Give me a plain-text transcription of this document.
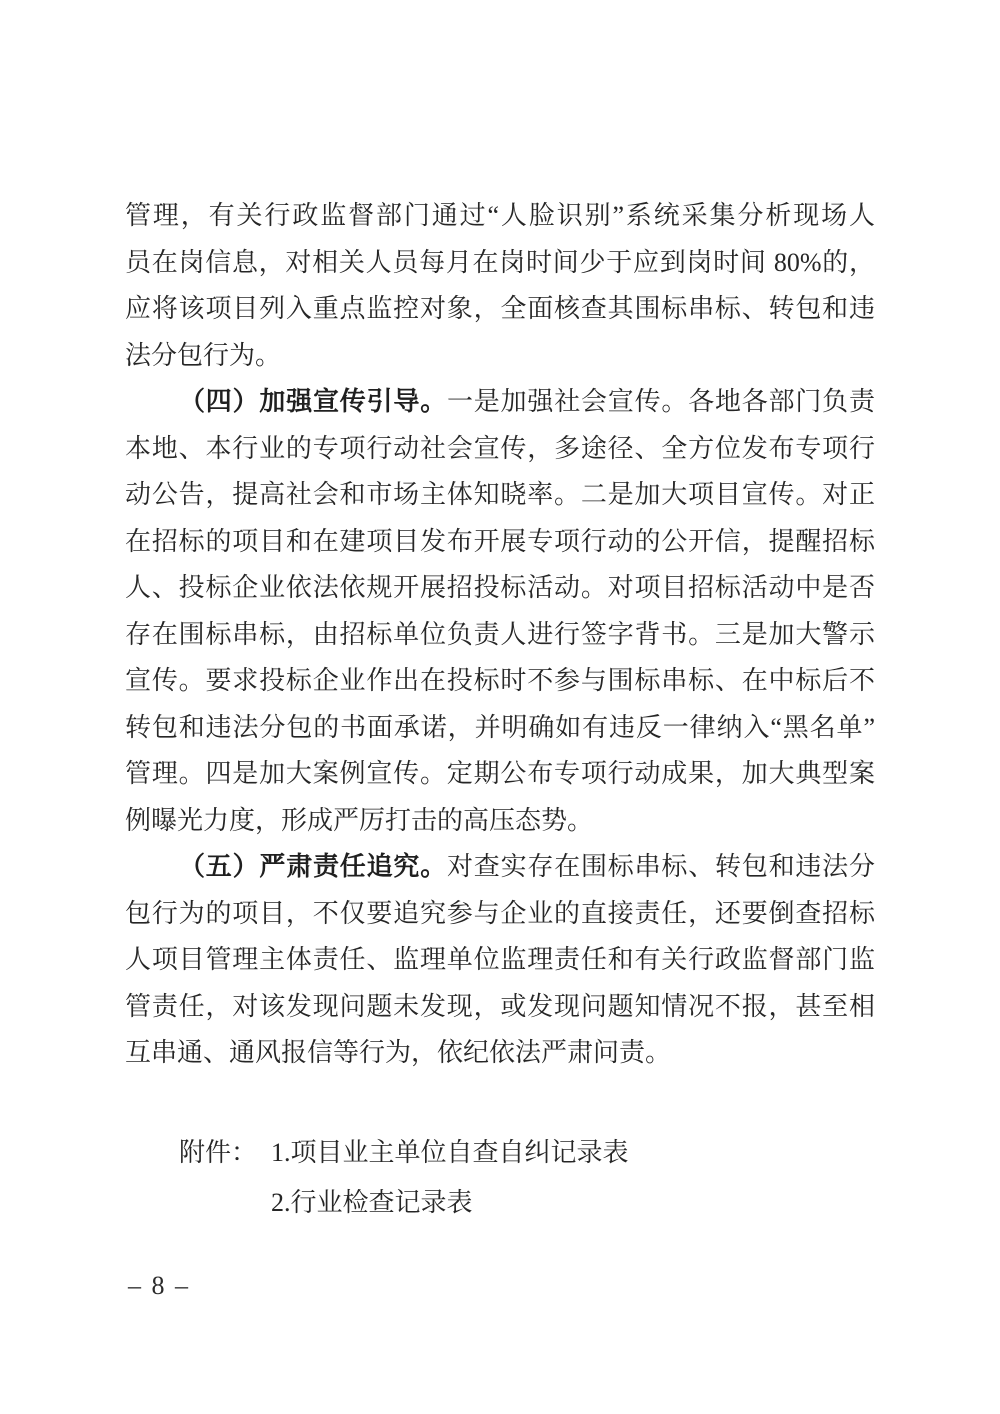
管理，有关行政监督部门通过“人脸识别”系统采集分析现场人
员在岗信息，对相关人员每月在岗时间少于应到岗时间 80%的，
应将该项目列入重点监控对象，全面核查其围标串标、转包和违
法分包行为。
（四）加强宣传引导。一是加强社会宣传。各地各部门负责
本地、本行业的专项行动社会宣传，多途径、全方位发布专项行
动公告，提高社会和市场主体知晓率。二是加大项目宣传。对正
在招标的项目和在建项目发布开展专项行动的公开信，提醒招标
人、投标企业依法依规开展招投标活动。对项目招标活动中是否
存在围标串标，由招标单位负责人进行签字背书。三是加大警示
宣传。要求投标企业作出在投标时不参与围标串标、在中标后不
转包和违法分包的书面承诺，并明确如有违反一律纳入“黑名单”
管理。四是加大案例宣传。定期公布专项行动成果，加大典型案
例曝光力度，形成严厉打击的高压态势。
（五）严肃责任追究。对查实存在围标串标、转包和违法分
包行为的项目，不仅要追究参与企业的直接责任，还要倒查招标
人项目管理主体责任、监理单位监理责任和有关行政监督部门监
管责任，对该发现问题未发现，或发现问题知情况不报，甚至相
互串通、通风报信等行为，依纪依法严肃问责。
附件： 1.项目业主单位自查自纠记录表
2.行业检查记录表
– 8 –
